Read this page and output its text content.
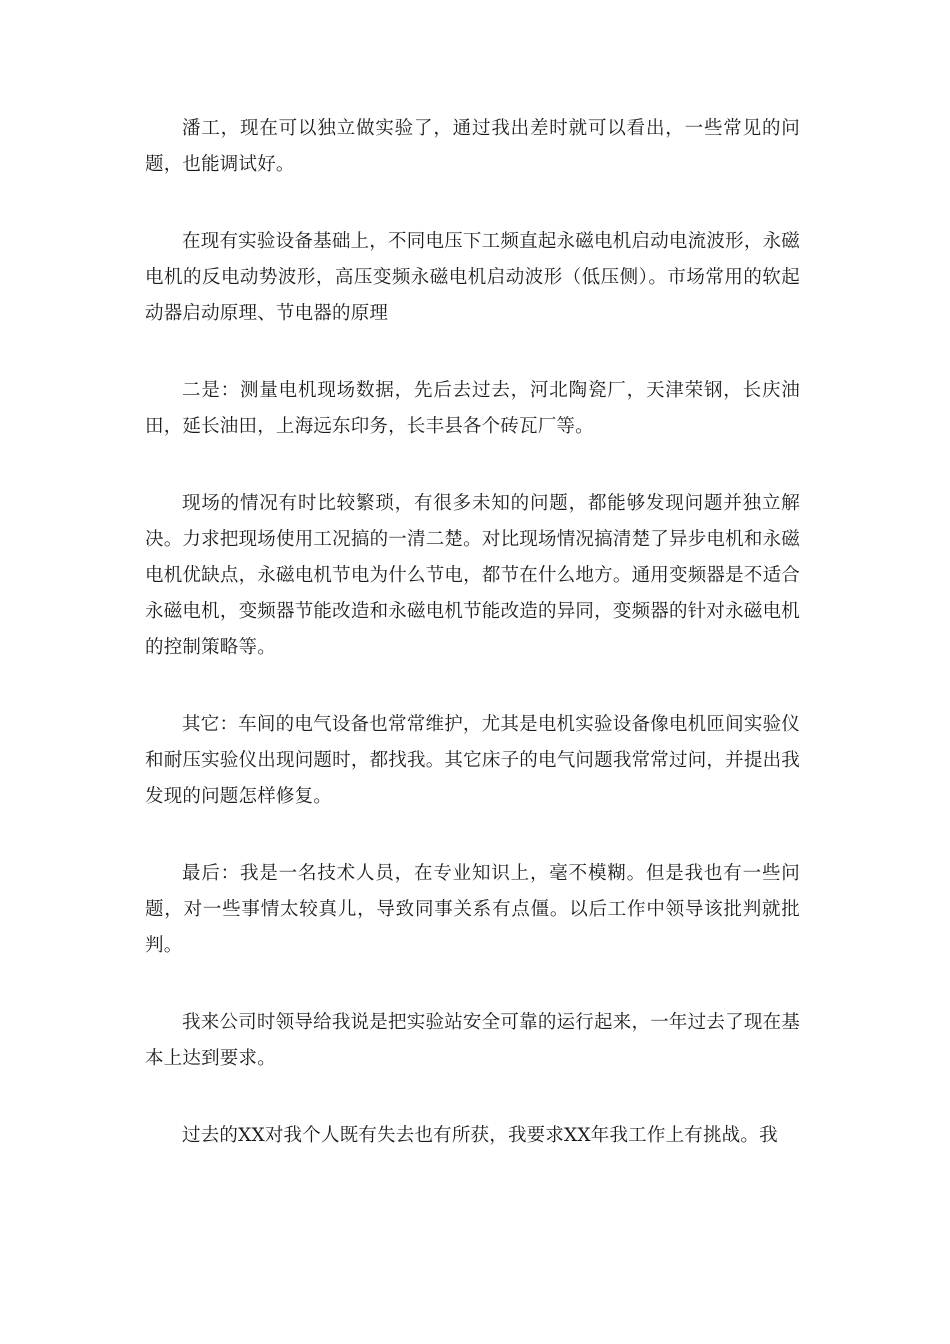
潘工，现在可以独立做实验了，通过我出差时就可以看出，一些常见的问题，也能调试好。

在现有实验设备基础上，不同电压下工频直起永磁电机启动电流波形，永磁电机的反电动势波形，高压变频永磁电机启动波形（低压侧）。市场常用的软起动器启动原理、节电器的原理

二是：测量电机现场数据，先后去过去，河北陶瓷厂，天津荣钢，长庆油田，延长油田，上海远东印务，长丰县各个砖瓦厂等。

现场的情况有时比较繁琐，有很多未知的问题，都能够发现问题并独立解决。力求把现场使用工况搞的一清二楚。对比现场情况搞清楚了异步电机和永磁电机优缺点，永磁电机节电为什么节电，都节在什么地方。通用变频器是不适合永磁电机，变频器节能改造和永磁电机节能改造的异同，变频器的针对永磁电机的控制策略等。

其它：车间的电气设备也常常维护，尤其是电机实验设备像电机匝间实验仪和耐压实验仪出现问题时，都找我。其它床子的电气问题我常常过问，并提出我发现的问题怎样修复。

最后：我是一名技术人员，在专业知识上，毫不模糊。但是我也有一些问题，对一些事情太较真儿，导致同事关系有点僵。以后工作中领导该批判就批判。

我来公司时领导给我说是把实验站安全可靠的运行起来，一年过去了现在基本上达到要求。

过去的XX对我个人既有失去也有所获，我要求XX年我工作上有挑战。我
